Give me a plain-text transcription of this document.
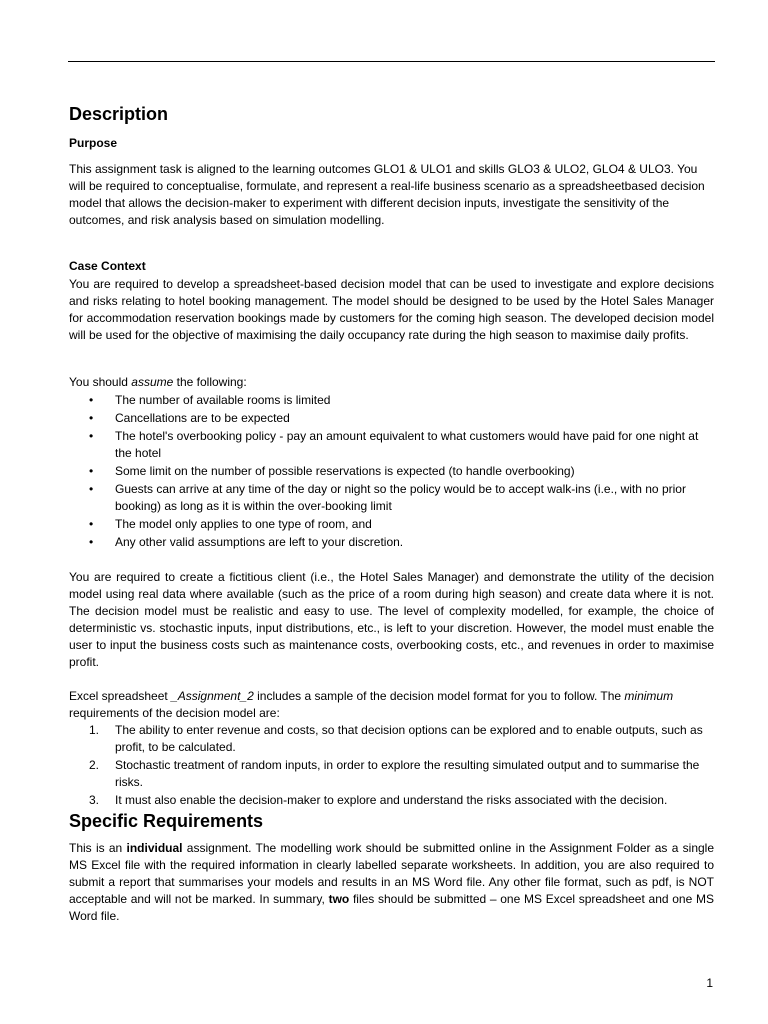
Description
Purpose

This assignment task is aligned to the learning outcomes GLO1 & ULO1 and skills GLO3 & ULO2, GLO4 & ULO3. You will be required to conceptualise, formulate, and represent a real-life business scenario as a spreadsheetbased decision model that allows the decision-maker to experiment with different decision inputs, investigate the sensitivity of the outcomes, and risk analysis based on simulation modelling.

Case Context

You are required to develop a spreadsheet-based decision model that can be used to investigate and explore decisions and risks relating to hotel booking management. The model should be designed to be used by the Hotel Sales Manager for accommodation reservation bookings made by customers for the coming high season. The developed decision model will be used for the objective of maximising the daily occupancy rate during the high season to maximise daily profits.

You should assume the following:

•	The number of available rooms is limited
•	Cancellations are to be expected
•	The hotel's overbooking policy - pay an amount equivalent to what customers would have paid for one night at the hotel
•	Some limit on the number of possible reservations is expected (to handle overbooking)
•	Guests can arrive at any time of the day or night so the policy would be to accept walk-ins (i.e., with no prior booking) as long as it is within the over-booking limit
•	The model only applies to one type of room, and
•	Any other valid assumptions are left to your discretion.

You are required to create a fictitious client (i.e., the Hotel Sales Manager) and demonstrate the utility of the decision model using real data where available (such as the price of a room during high season) and create data where it is not. The decision model must be realistic and easy to use. The level of complexity modelled, for example, the choice of deterministic vs. stochastic inputs, input distributions, etc., is left to your discretion. However, the model must enable the user to input the business costs such as maintenance costs, overbooking costs, etc., and revenues in order to maximise profit.

Excel spreadsheet _Assignment_2 includes a sample of the decision model format for you to follow. The minimum requirements of the decision model are:

1.	The ability to enter revenue and costs, so that decision options can be explored and to enable outputs, such as profit, to be calculated.
2.	Stochastic treatment of random inputs, in order to explore the resulting simulated output and to summarise the risks.
3.	It must also enable the decision-maker to explore and understand the risks associated with the decision.
Specific Requirements

This is an individual assignment. The modelling work should be submitted online in the Assignment Folder as a single MS Excel file with the required information in clearly labelled separate worksheets. In addition, you are also required to submit a report that summarises your models and results in an MS Word file. Any other file format, such as pdf, is NOT acceptable and will not be marked. In summary, two files should be submitted – one MS Excel spreadsheet and one MS Word file.

1
